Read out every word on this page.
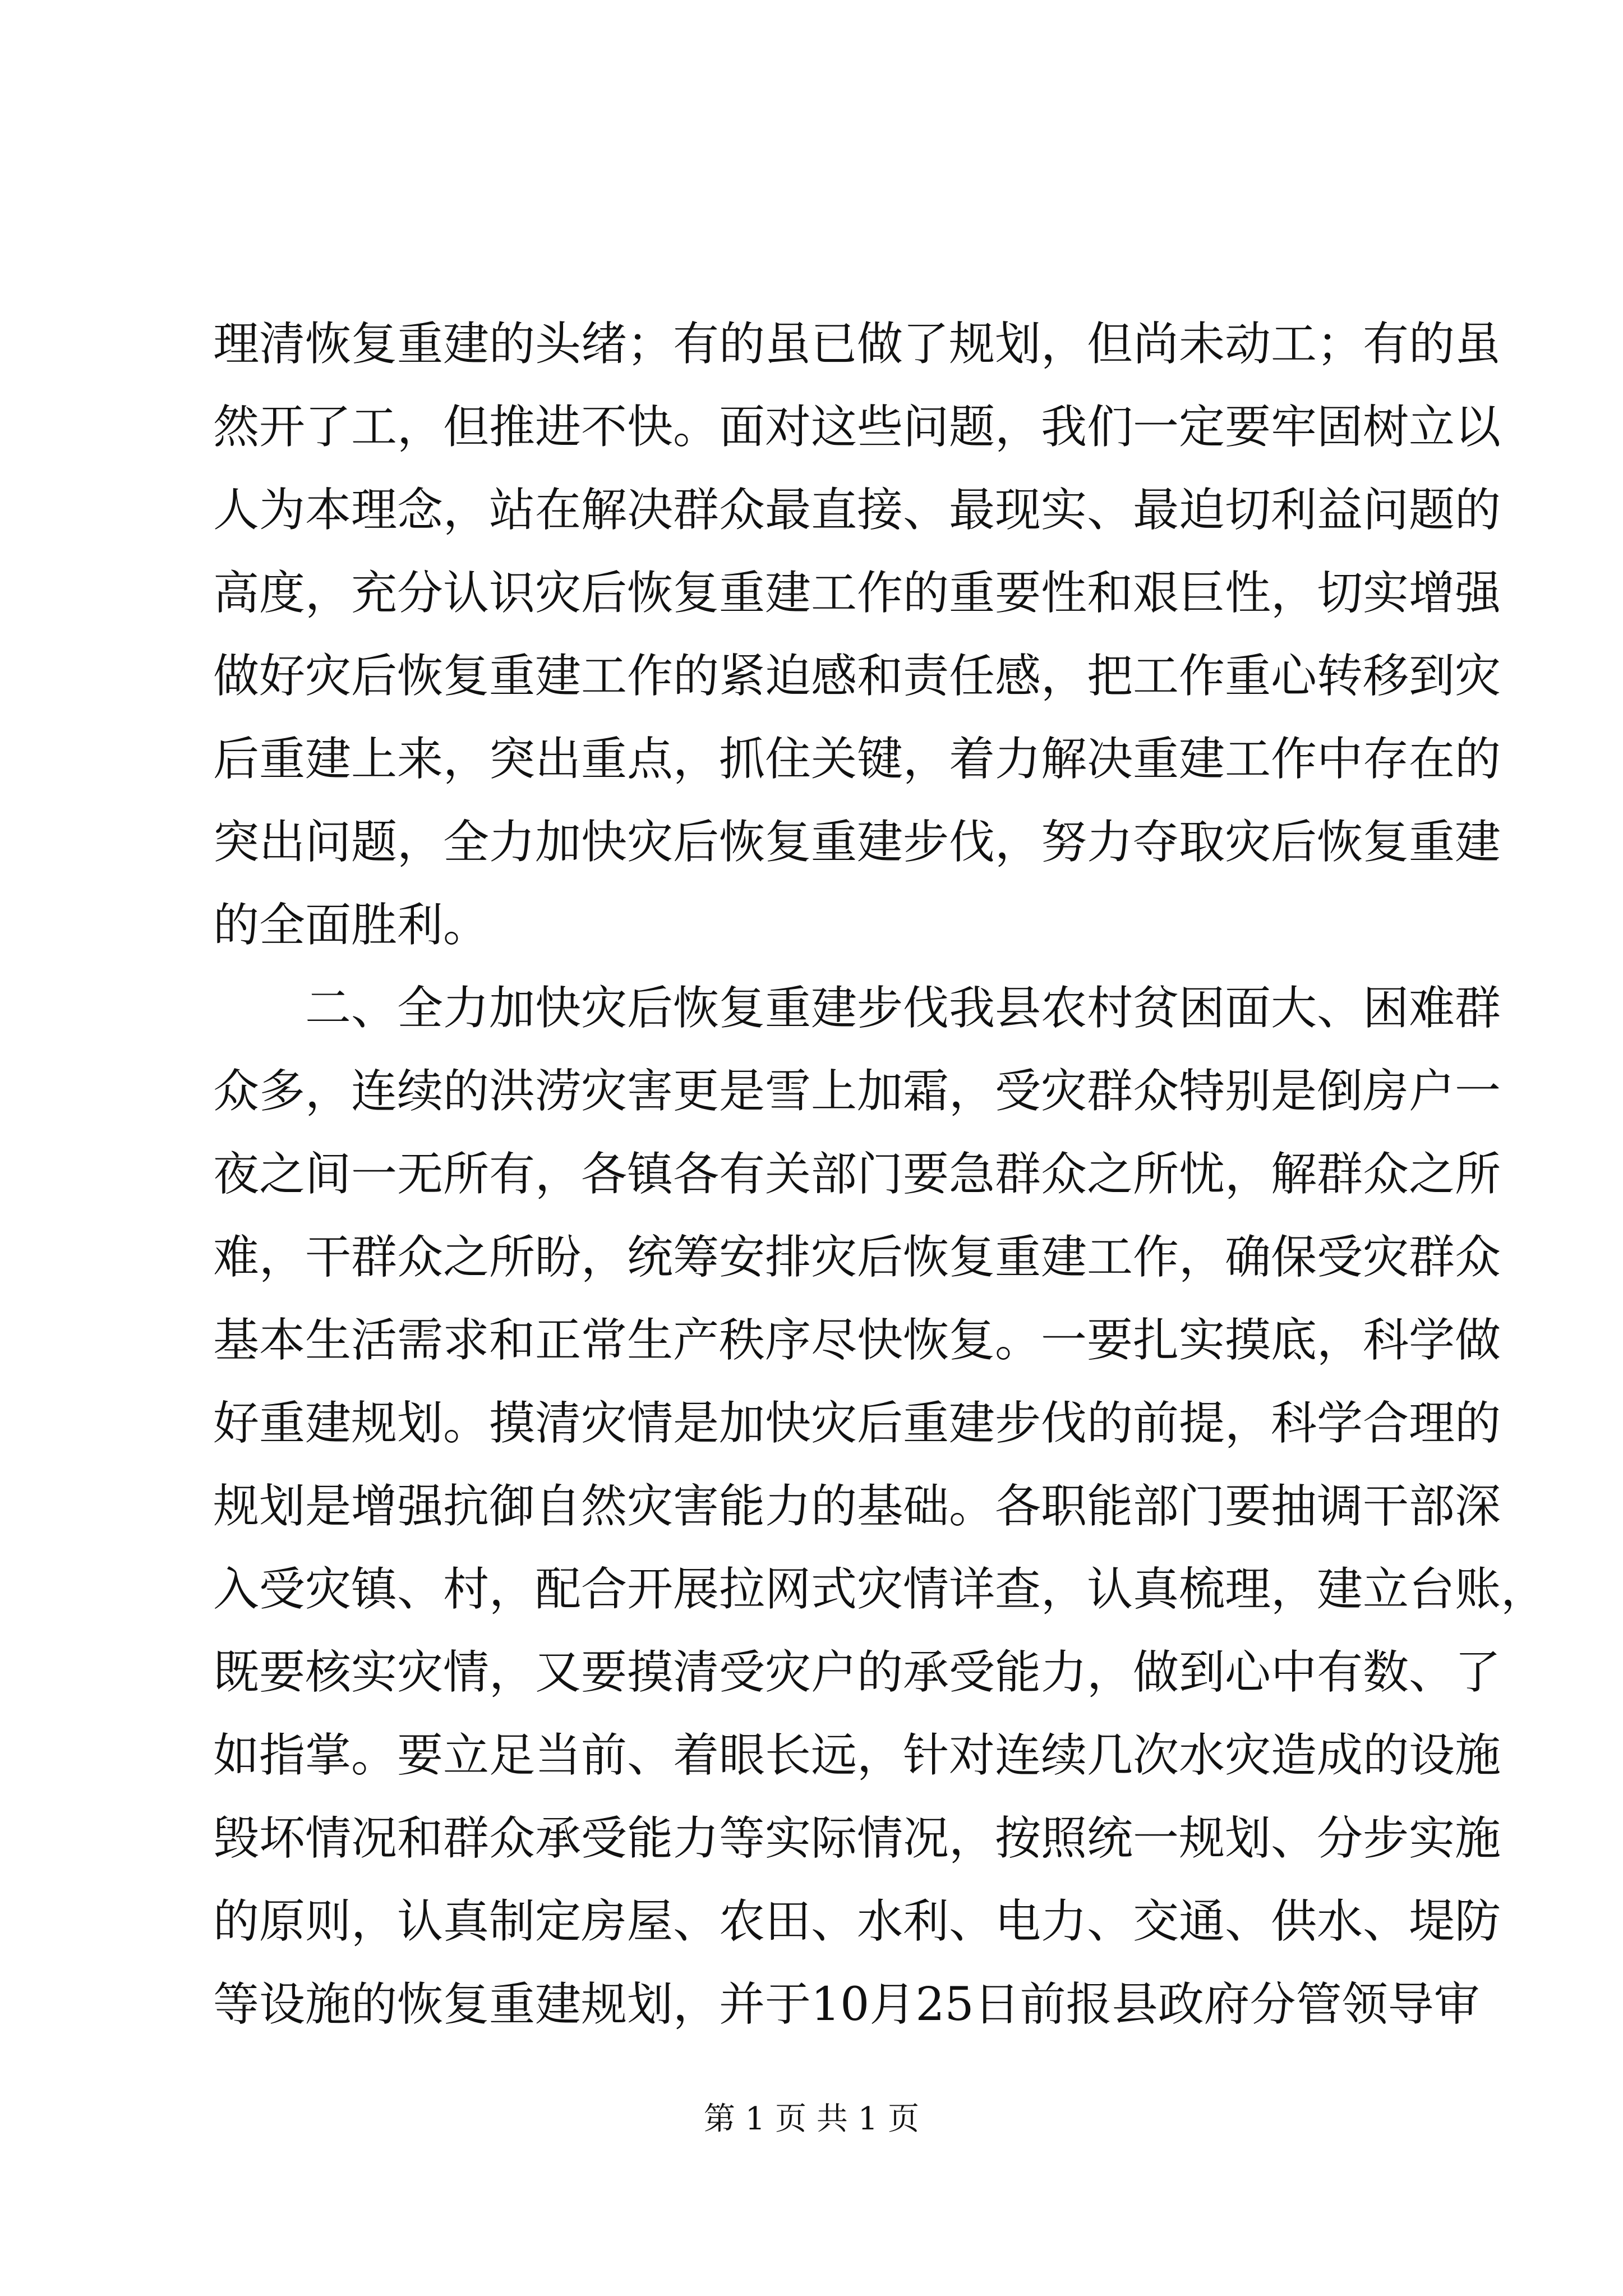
理清恢复重建的头绪；有的虽已做了规划，但尚未动工；有的虽
然开了工，但推进不快。面对这些问题，我们一定要牢固树立以
人为本理念，站在解决群众最直接、最现实、最迫切利益问题的
高度，充分认识灾后恢复重建工作的重要性和艰巨性，切实增强
做好灾后恢复重建工作的紧迫感和责任感，把工作重心转移到灾
后重建上来，突出重点，抓住关键，着力解决重建工作中存在的
突出问题，全力加快灾后恢复重建步伐，努力夺取灾后恢复重建
的全面胜利。
　　二、全力加快灾后恢复重建步伐我县农村贫困面大、困难群
众多，连续的洪涝灾害更是雪上加霜，受灾群众特别是倒房户一
夜之间一无所有，各镇各有关部门要急群众之所忧，解群众之所
难，干群众之所盼，统筹安排灾后恢复重建工作，确保受灾群众
基本生活需求和正常生产秩序尽快恢复。一要扎实摸底，科学做
好重建规划。摸清灾情是加快灾后重建步伐的前提，科学合理的
规划是增强抗御自然灾害能力的基础。各职能部门要抽调干部深
入受灾镇、村，配合开展拉网式灾情详查，认真梳理，建立台账，
既要核实灾情，又要摸清受灾户的承受能力，做到心中有数、了
如指掌。要立足当前、着眼长远，针对连续几次水灾造成的设施
毁坏情况和群众承受能力等实际情况，按照统一规划、分步实施
的原则，认真制定房屋、农田、水利、电力、交通、供水、堤防
等设施的恢复重建规划，并于10月25日前报县政府分管领导审
第 1 页 共 1 页
